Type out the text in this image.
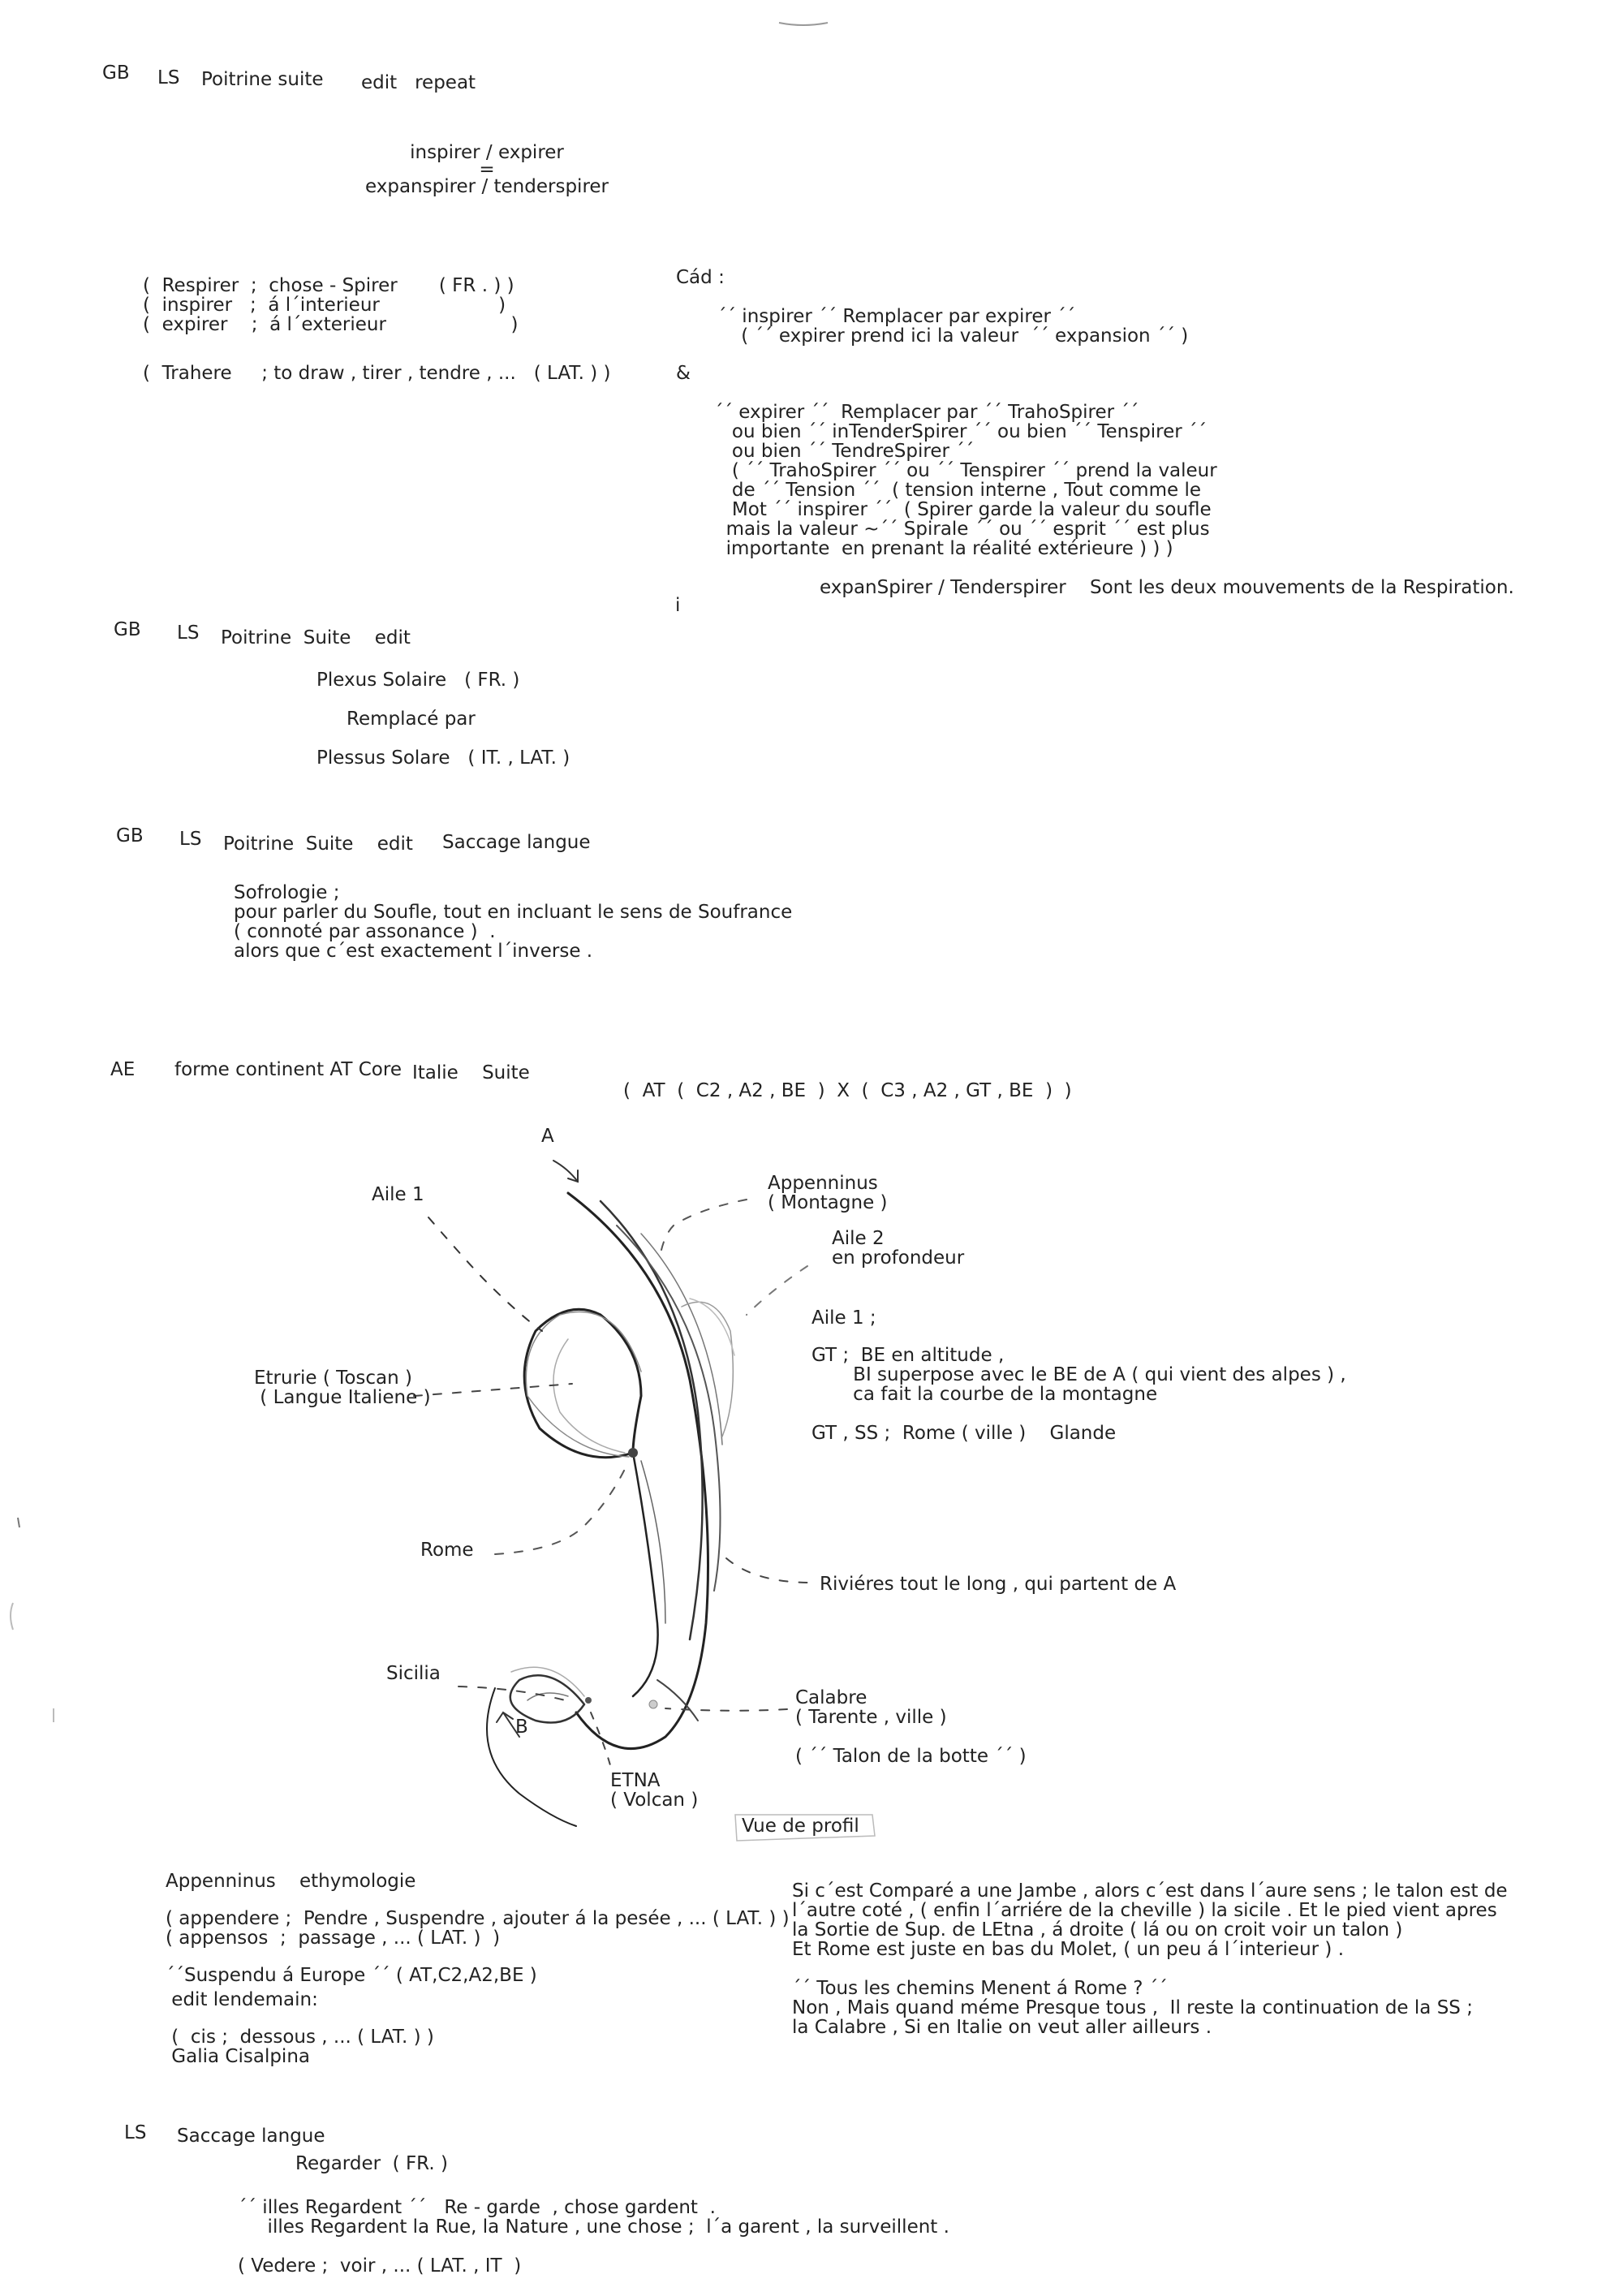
GB LS Poitrine suite edit   repeat
inspirer / expirer
=
expanspirer / tenderspirer
(  Respirer  ;  chose - Spirer       ( FR . ) )
(  inspirer   ;  á l´interieur                    )
(  expirer    ;  á l´exterieur                     )
(  Trahere     ; to draw , tirer , tendre , ...   ( LAT. ) )
Cád :
´´ inspirer ´´ Remplacer par expirer ´´
( ´´ expirer prend ici la valeur  ´´ expansion ´´ )
&
´´ expirer ´´  Remplacer par ´´ TrahoSpirer ´´
ou bien ´´ inTenderSpirer ´´ ou bien ´´ Tenspirer ´´
ou bien ´´ TendreSpirer ´´
( ´´ TrahoSpirer ´´ ou ´´ Tenspirer ´´ prend la valeur
de ´´ Tension ´´  ( tension interne , Tout comme le
Mot ´´ inspirer ´´  ( Spirer garde la valeur du soufle
mais la valeur ~´´ Spirale ´´ ou ´´ esprit ´´ est plus
importante  en prenant la réalité extérieure ) ) )
i
expanSpirer / Tenderspirer    Sont les deux mouvements de la Respiration.
GB LS Poitrine  Suite    edit
Plexus Solaire   ( FR. )
Remplacé par
Plessus Solare   ( IT. , LAT. )
GB LS Poitrine  Suite    edit Saccage langue
Sofrologie ;
pour parler du Soufle, tout en incluant le sens de Soufrance
( connoté par assonance )  .
alors que c´est exactement l´inverse .
AE forme continent AT Core Italie    Suite
(  AT  (  C2 , A2 , BE  )  X  (  C3 , A2 , GT , BE  )  )
A
B
Aile 1
Appenninus
( Montagne )
Aile 2
en profondeur
Aile 1 ;
GT ;  BE en altitude ,
BI superpose avec le BE de A ( qui vient des alpes ) ,
ca fait la courbe de la montagne
GT , SS ;  Rome ( ville )    Glande
Etrurie ( Toscan )
( Langue Italiene )
Rome
Riviéres tout le long , qui partent de A
Sicilia
Calabre
( Tarente , ville )
( ´´ Talon de la botte ´´ )
ETNA
( Volcan )
Vue de profil
Appenninus    ethymologie
( appendere ;  Pendre , Suspendre , ajouter á la pesée , ... ( LAT. ) )
( appensos  ;  passage , ... ( LAT. )  )
´´Suspendu á Europe ´´ ( AT,C2,A2,BE )
edit lendemain:
(  cis ;  dessous , ... ( LAT. ) )
Galia Cisalpina
Si c´est Comparé a une Jambe , alors c´est dans l´aure sens ; le talon est de
l´autre coté , ( enfin l´arriére de la cheville ) la sicile . Et le pied vient apres
la Sortie de Sup. de LEtna , á droite ( lá ou on croit voir un talon )
Et Rome est juste en bas du Molet, ( un peu á l´interieur ) .
´´ Tous les chemins Menent á Rome ? ´´
Non , Mais quand méme Presque tous ,  Il reste la continuation de la SS ;
la Calabre , Si en Italie on veut aller ailleurs .
LS Saccage langue
Regarder  ( FR. )
´´ illes Regardent ´´   Re - garde  , chose gardent  .
illes Regardent la Rue, la Nature , une chose ;  l´a garent , la surveillent .
( Vedere ;  voir , ... ( LAT. , IT  )
